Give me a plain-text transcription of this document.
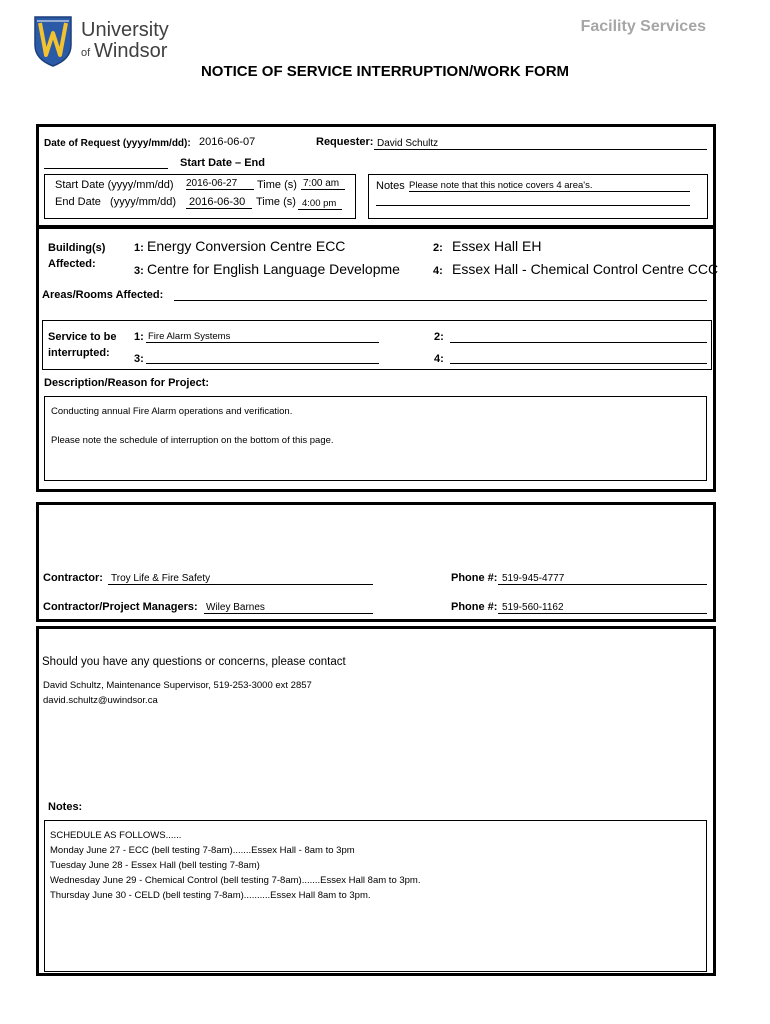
University
of Windsor
Facility Services
NOTICE OF SERVICE INTERRUPTION/WORK FORM
Date of Request (yyyy/mm/dd): 2016-06-07	Requester: David Schultz
Start Date – End
Start Date (yyyy/mm/dd) 2016-06-27	Time (s) 7:00 am
End Date   (yyyy/mm/dd) 2016-06-30 Time (s) 4:00 pm
Notes Please note that this notice covers 4 area's.
Building(s)
Affected:
1: Energy Conversion Centre ECC	2: Essex Hall EH
3: Centre for English Language Developme	4: Essex Hall - Chemical Control Centre CCC
Areas/Rooms Affected:
Service to be
interrupted:
1: Fire Alarm Systems	2:
3:	4:
Description/Reason for Project:
Conducting annual Fire Alarm operations and verification.
Please note the schedule of interruption on the bottom of this page.
Contractor: Troy Life & Fire Safety	Phone #: 519-945-4777
Contractor/Project Managers: Wiley Barnes	Phone #: 519-560-1162
Should you have any questions or concerns, please contact
David Schultz, Maintenance Supervisor, 519-253-3000 ext 2857
david.schultz@uwindsor.ca
Notes:
SCHEDULE AS FOLLOWS......
Monday June 27 - ECC (bell testing 7-8am).......Essex Hall - 8am to 3pm
Tuesday June 28 - Essex Hall (bell testing 7-8am)
Wednesday June 29 - Chemical Control (bell testing 7-8am).......Essex Hall 8am to 3pm.
Thursday June 30 - CELD (bell testing 7-8am)..........Essex Hall 8am to 3pm.
